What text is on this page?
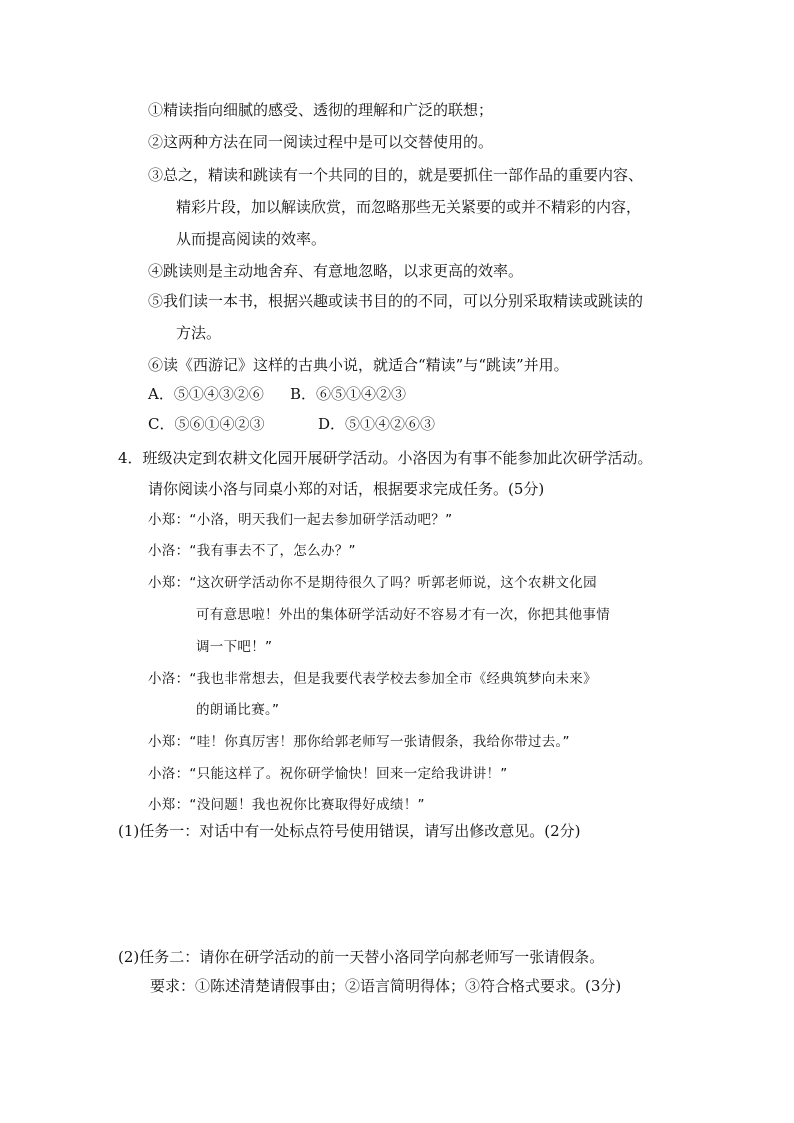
①精读指向细腻的感受、透彻的理解和广泛的联想；
②这两种方法在同一阅读过程中是可以交替使用的。
③总之，精读和跳读有一个共同的目的，就是要抓住一部作品的重要内容、
精彩片段，加以解读欣赏，而忽略那些无关紧要的或并不精彩的内容，
从而提高阅读的效率。
④跳读则是主动地舍弃、有意地忽略，以求更高的效率。
⑤我们读一本书，根据兴趣或读书目的的不同，可以分别采取精读或跳读的
方法。
⑥读《西游记》这样的古典小说，就适合“精读”与“跳读”并用。
A．⑤①④③②⑥ B．⑥⑤①④②③
C．⑤⑥①④②③	D．⑤①④②⑥③
4．班级决定到农耕文化园开展研学活动。小洛因为有事不能参加此次研学活动。
请你阅读小洛与同桌小郑的对话，根据要求完成任务。(5分)
小郑：“小洛，明天我们一起去参加研学活动吧？”
小洛：“我有事去不了，怎么办？”
小郑：“这次研学活动你不是期待很久了吗？听郭老师说，这个农耕文化园
可有意思啦！外出的集体研学活动好不容易才有一次，你把其他事情
调一下吧！”
小洛：“我也非常想去，但是我要代表学校去参加全市《经典筑梦向未来》
的朗诵比赛。”
小郑：“哇！你真厉害！那你给郭老师写一张请假条，我给你带过去。”
小洛：“只能这样了。祝你研学愉快！回来一定给我讲讲！”
小郑：“没问题！我也祝你比赛取得好成绩！”
(1)任务一：对话中有一处标点符号使用错误，请写出修改意见。(2分)
(2)任务二：请你在研学活动的前一天替小洛同学向郝老师写一张请假条。
要求：①陈述清楚请假事由；②语言简明得体；③符合格式要求。(3分)
